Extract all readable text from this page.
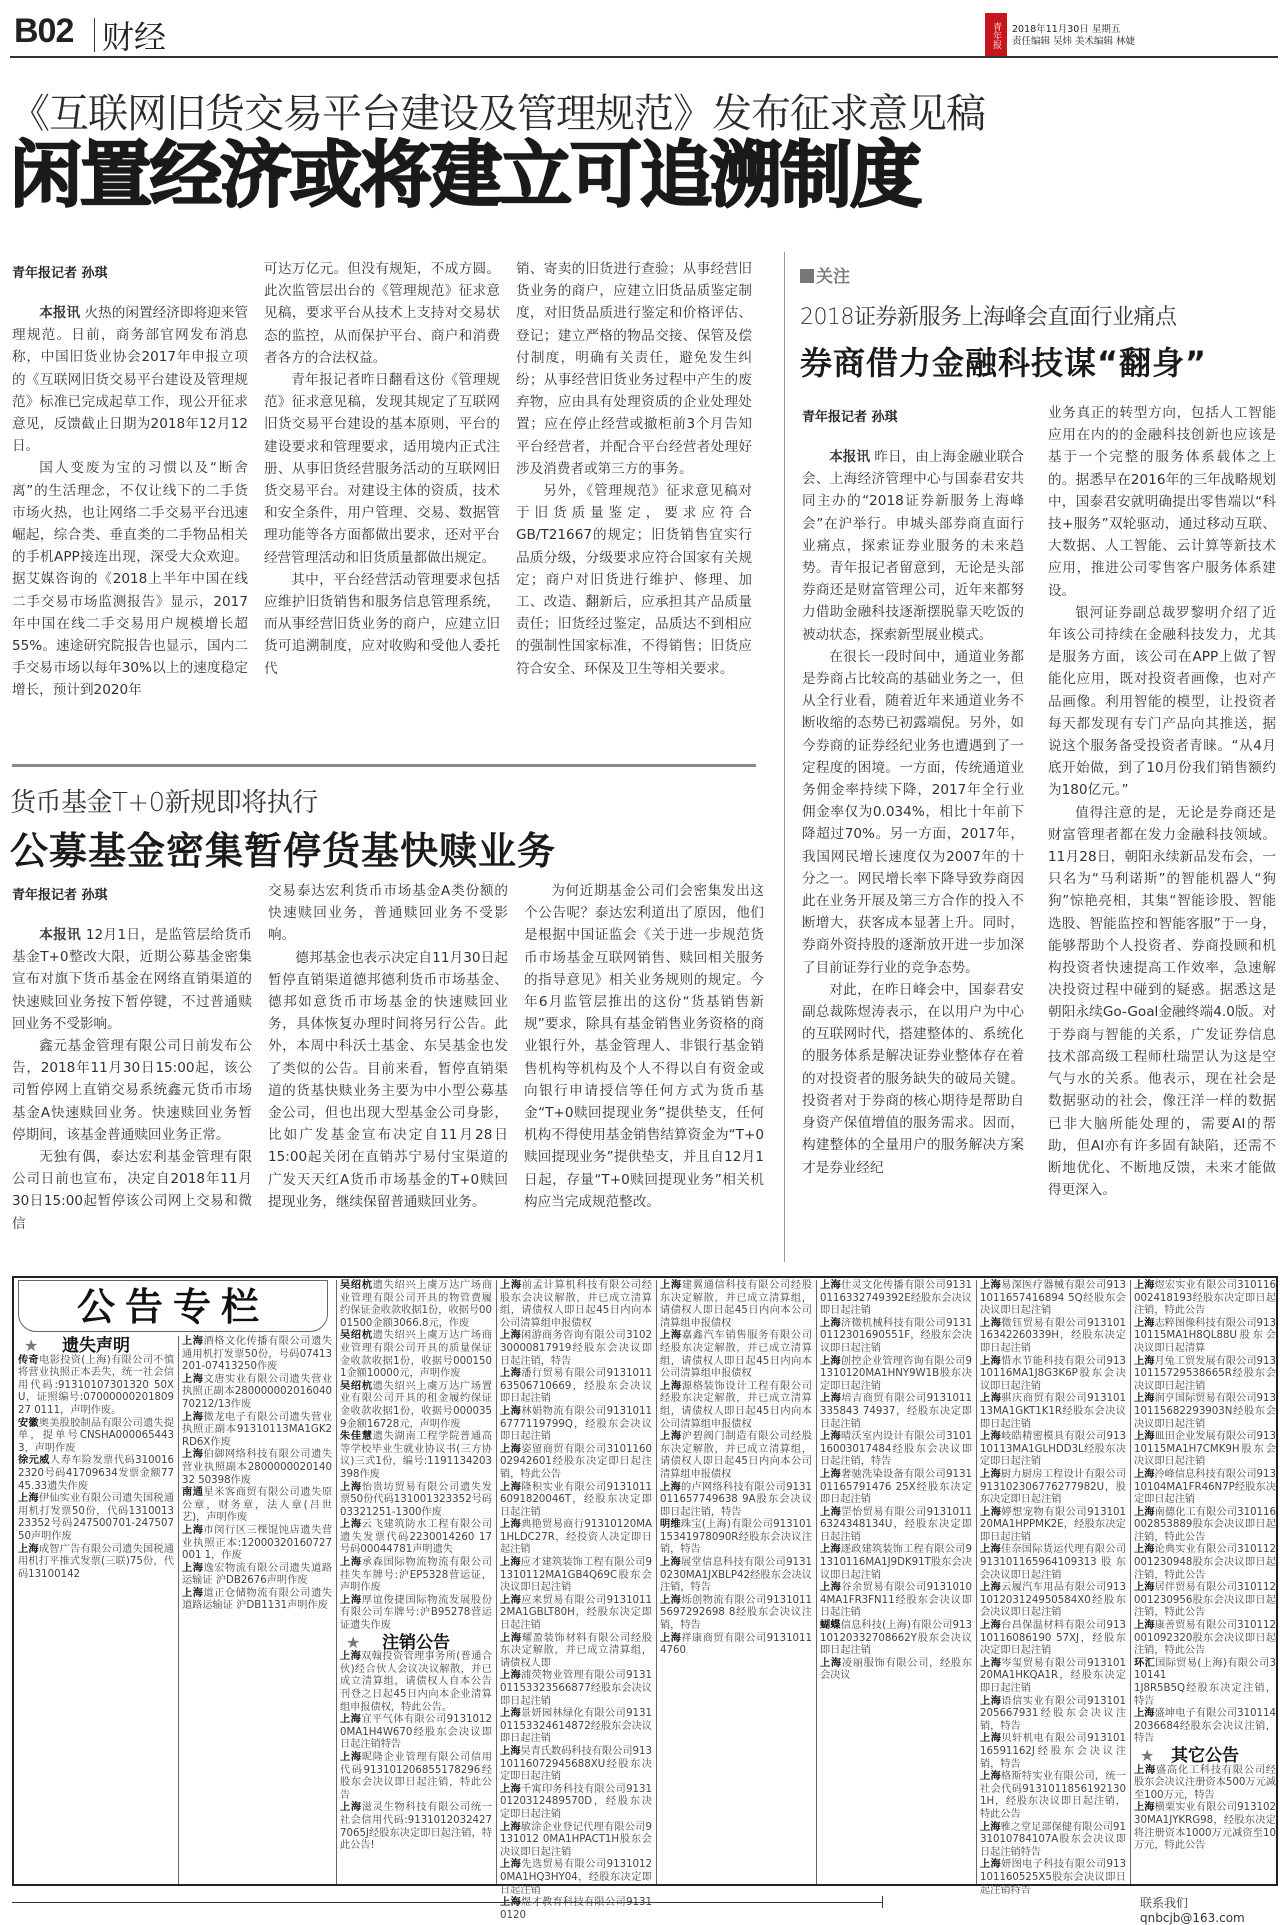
B02 财经	青年报	2018年11月30日 星期五
责任编辑 吴炜 美术编辑 林婕
《互联网旧货交易平台建设及管理规范》发布征求意见稿
闲置经济或将建立可追溯制度
青年报记者 孙琪

本报讯 火热的闲置经济即将迎来管理规范。日前，商务部官网发布消息称，中国旧货业协会2017年申报立项的《互联网旧货交易平台建设及管理规范》标准已完成起草工作，现公开征求意见，反馈截止日期为2018年12月12日。

国人变废为宝的习惯以及“断舍离”的生活理念，不仅让线下的二手货市场火热，也让网络二手交易平台迅速崛起，综合类、垂直类的二手物品相关的手机APP接连出现，深受大众欢迎。据艾媒咨询的《2018上半年中国在线二手交易市场监测报告》显示，2017年中国在线二手交易用户规模增长超55%。速途研究院报告也显示，国内二手交易市场以每年30%以上的速度稳定增长，预计到2020年

可达万亿元。但没有规矩，不成方圆。此次监管层出台的《管理规范》征求意见稿，要求平台从技术上支持对交易状态的监控，从而保护平台、商户和消费者各方的合法权益。

青年报记者昨日翻看这份《管理规范》征求意见稿，发现其规定了互联网旧货交易平台建设的基本原则，平台的建设要求和管理要求，适用境内正式注册、从事旧货经营服务活动的互联网旧货交易平台。对建设主体的资质，技术和安全条件，用户管理、交易、数据管理功能等各方面都做出要求，还对平台经营管理活动和旧货质量都做出规定。

其中，平台经营活动管理要求包括应维护旧货销售和服务信息管理系统，而从事经营旧货业务的商户，应建立旧货可追溯制度，应对收购和受他人委托代

销、寄卖的旧货进行查验；从事经营旧货业务的商户，应建立旧货品质鉴定制度，对旧货品质进行鉴定和价格评估、登记；建立严格的物品交接、保管及偿付制度，明确有关责任，避免发生纠纷；从事经营旧货业务过程中产生的废弃物，应由具有处理资质的企业处理处置；应在停止经营或撤柜前3个月告知平台经营者，并配合平台经营者处理好涉及消费者或第三方的事务。

另外，《管理规范》征求意见稿对于旧货质量鉴定，要求应符合GB/T21667的规定；旧货销售宜实行品质分级，分级要求应符合国家有关规定；商户对旧货进行维护、修理、加工、改造、翻新后，应承担其产品质量责任；旧货经过鉴定，品质达不到相应的强制性国家标准，不得销售；旧货应符合安全、环保及卫生等相关要求。

货币基金T+0新规即将执行
公募基金密集暂停货基快赎业务
青年报记者 孙琪

本报讯 12月1日，是监管层给货币基金T+0整改大限，近期公募基金密集宣布对旗下货币基金在网络直销渠道的快速赎回业务按下暂停键，不过普通赎回业务不受影响。

鑫元基金管理有限公司日前发布公告，2018年11月30日15:00起，该公司暂停网上直销交易系统鑫元货币市场基金A快速赎回业务。快速赎回业务暂停期间，该基金普通赎回业务正常。

无独有偶，泰达宏利基金管理有限公司日前也宣布，决定自2018年11月30日15:00起暂停该公司网上交易和微信

交易泰达宏利货币市场基金A类份额的快速赎回业务，普通赎回业务不受影响。

德邦基金也表示决定自11月30日起暂停直销渠道德邦德利货币市场基金、德邦如意货币市场基金的快速赎回业务，具体恢复办理时间将另行公告。此外，本周中科沃土基金、东吴基金也发了类似的公告。目前来看，暂停直销渠道的货基快赎业务主要为中小型公募基金公司，但也出现大型基金公司身影，比如广发基金宣布决定自11月28日15:00起关闭在直销苏宁易付宝渠道的广发天天红A货币市场基金的T+0赎回提现业务，继续保留普通赎回业务。

为何近期基金公司们会密集发出这个公告呢？泰达宏利道出了原因，他们是根据中国证监会《关于进一步规范货币市场基金互联网销售、赎回相关服务的指导意见》相关业务规则的规定。今年6月监管层推出的这份“货基销售新规”要求，除具有基金销售业务资格的商业银行外，基金管理人、非银行基金销售机构等机构及个人不得以自有资金或向银行申请授信等任何方式为货币基金“T+0赎回提现业务”提供垫支，任何机构不得使用基金销售结算资金为“T+0赎回提现业务”提供垫支，并且自12月1日起，存量“T+0赎回提现业务”相关机构应当完成规范整改。

关注
2018证券新服务上海峰会直面行业痛点
券商借力金融科技谋“翻身”
青年报记者 孙琪

本报讯 昨日，由上海金融业联合会、上海经济管理中心与国泰君安共同主办的“2018证券新服务上海峰会”在沪举行。申城头部券商直面行业痛点，探索证券业服务的未来趋势。青年报记者留意到，无论是头部券商还是财富管理公司，近年来都努力借助金融科技逐渐摆脱靠天吃饭的被动状态，探索新型展业模式。

在很长一段时间中，通道业务都是券商占比较高的基础业务之一，但从全行业看，随着近年来通道业务不断收缩的态势已初露端倪。另外，如今券商的证券经纪业务也遭遇到了一定程度的困境。一方面，传统通道业务佣金率持续下降，2017年全行业佣金率仅为0.034%，相比十年前下降超过70%。另一方面，2017年，我国网民增长速度仅为2007年的十分之一。网民增长率下降导致券商因此在业务开展及第三方合作的投入不断增大，获客成本显著上升。同时，券商外资持股的逐渐放开进一步加深了目前证券行业的竞争态势。

对此，在昨日峰会中，国泰君安副总裁陈煜涛表示，在以用户为中心的互联网时代，搭建整体的、系统化的服务体系是解决证券业整体存在着的对投资者的服务缺失的破局关键。投资者对于券商的核心期待是帮助自身资产保值增值的服务需求。因而，构建整体的全量用户的服务解决方案才是券业经纪

业务真正的转型方向，包括人工智能应用在内的的金融科技创新也应该是基于一个完整的服务体系载体之上的。据悉早在2016年的三年战略规划中，国泰君安就明确提出零售端以“科技+服务”双轮驱动，通过移动互联、大数据、人工智能、云计算等新技术应用，推进公司零售客户服务体系建设。

银河证券副总裁罗黎明介绍了近年该公司持续在金融科技发力，尤其是服务方面，该公司在APP上做了智能化应用，既对投资者画像，也对产品画像。利用智能的模型，让投资者每天都发现有专门产品向其推送，据说这个服务备受投资者青睐。“从4月底开始做，到了10月份我们销售额约为180亿元。”

值得注意的是，无论是券商还是财富管理者都在发力金融科技领域。11月28日，朝阳永续新品发布会，一只名为“马利诺斯”的智能机器人“狗狗”惊艳亮相，其集“智能诊股、智能选股、智能监控和智能客服”于一身，能够帮助个人投资者、券商投顾和机构投资者快速提高工作效率，急速解决投资过程中碰到的疑惑。据悉这是朝阳永续Go-Goal金融终端4.0版。对于券商与智能的关系，广发证券信息技术部高级工程师杜瑞罡认为这是空气与水的关系。他表示，现在社会是数据驱动的社会，像汪洋一样的数据已非大脑所能处理的，需要AI的帮助，但AI亦有许多固有缺陷，还需不断地优化、不断地反馈，未来才能做得更深入。

公告专栏
★ 遗失声明
传奇电影投资(上海)有限公司不慎将营业执照正本丢失，统一社会信用代码:91310107301320 50XU，证照编号:0700000020180927 0111，声明作废。
安徽奥美股胶制品有限公司遗失提单，提单号CNSHA0000654433，声明作废
徐元威人寿车险发票代码3100162320号码41709634发票金额7745.33遗失作废
上海伊仙实业有限公司遗失国税通用机打发票50份，代码131001323352号码247500701-24750750声明作废
上海成智广告有限公司遗失国税通用机打平推式发票(三联)75份，代码13100142
上海酒格文化传播有限公司遗失通用机打发票50份，号码07413201-07413250作废
上海文唐实业有限公司遗失营业执照正副本280000002016040 70212/13作废
上海微龙电子有限公司遗失营业执照正副本91310113MA1GK2RD6X作废
上海伯御网络科技有限公司遗失营业执照副本280000002014032 50398作废
南通星米客商贸有限公司遗失原公章，财务章，法人章(吕世艺)，声明作废
上海市闵行区三棵馄饨店遗失营业执照正本:12000320160727001 1，作废
上海逸宏物流有限公司遗失道路运输证 沪DB2676声明作废
上海道正仓储物流有限公司遗失道路运输证 沪DB1131声明作废
吴绍杭遗失绍兴上虞万达广场商业管理有限公司开具的物管费履约保证金收款收据1份，收据号0001500金额3066.8元，作废
吴绍杭遗失绍兴上虞万达广场商业管理有限公司开具的质量保证金收款收据1份，收据号0001501金额10000元，声明作废
吴绍杭遗失绍兴上虞万达广场置业有限公司开具的租金履约保证金收款收据1份，收据号0000359金额16728元，声明作废
朱佳慧遗失湖南工程学院普通高等学校毕业生就业协议书(三方协议)三式1份，编号:1191134203398作废
上海怡贵坊贸易有限公司遗失发票50份代码131001323352号码03321251-1300作废
上海云飞建筑防水工程有限公司遗失发票代码2230014260 17号码00044781声明遗失
上海承森国际物流物流有限公司挂失车牌号:沪EP5328营运证，声明作废
上海厚谊俊捷国际物流发展股份有限公司车牌号:沪B95278营运证遗失作废
★ 注销公告
上海双翰投资管理事务所(普通合伙)经合伙人会议决议解散，并已成立清算组，请债权人自本公告刊登之日起45日内向本企业清算组申报债权，特此公告。
上海宜平气体有限公司91310120MA1H4W670经股东会决议即日起注销特告
上海昵隆企业管理有限公司信用代码913101206855178296经股东会决议即日起注销，特此公告
上海滋灵生物科技有限公司统一社会信用代码:91310120324277065J经股东决定即日起注销，特此公告!
上海前孟计算机科技有限公司经股东会决议解散，并已成立清算组，请债权人即日起45日内向本公司清算组申报债权
上海闲游商务咨询有限公司310230000817919经股东会决议即日起注销，特告
上海潘行贸易有限公司913101163506710669，经股东会决议即日起注销
上海林娟物流有限公司91310116777119799Q，经股东会决议即日起注销
上海姿留商贸有限公司310116002942601经股东决定即日起注销，特此公告
上海隆积实业有限公司91310116091820046T，经股东决定即日起注销
上海典艳贸易商行91310120MA1HLDC27R，经投资人决定即日起注销
上海应才建筑装饰工程有限公司91310112MA1GB4Q69C股东会决议即日起注销
上海应来贸易有限公司91310112MA1GBLT80H，经股东决定即日起注销
上海耀盈装饰材料有限公司经股东决定解散，并已成立清算组，请债权人即
上海浦荧物业管理有限公司913101153323566877经股东会决议即日起注销
上海景妍园林绿化有限公司913101153324614872经股东会决议即日起注销
上海昊青氏数码科技有限公司91310116072945688XU经股东决定即日起注销
上海千寓印务科技有限公司91310120312489570D，经股东决定即日起注销
上海敏涂企业登记代理有限公司9131012 0MA1HPACT1H股东会决议即日起注销
上海先选贸易有限公司91310120MA1HQ3HY04，经股东决定即日起注销
0120
上海建翼通信科技有限公司经股东决定解散，并已成立清算组，请债权人即日起45日内向本公司清算组申报债权
上海嘉鑫汽车销售服务有限公司经股东决定解散，并已成立清算组，请债权人即日起45日内向本公司清算组申报债权
上海源格装饰设计工程有限公司经股东决定解散，并已成立清算组，请债权人即日起45日内向本公司清算组申报债权
上海沪碧阀门制造有限公司经股东决定解散，并已成立清算组，请债权人即日起45日内向本公司清算组申报债权
上海的卢网络科技有限公司9131011657749638 9A股东会决议即日起注销，特告
明维珠宝(上海)有限公司91310115341978090R经股东会决议注销，特告
上海展堂信息科技有限公司91310230MA1JXBLP42经股东会决议注销，特告
上海烁创物流有限公司91310115697292698 8经股东会决议注销，特告
上海祥康商贸有限公司91310114760
上海仕灵文化传播有限公司91310116332749392E经股东会决议即日起注销
上海济微机械科技有限公司91310112301690551F，经股东会决议即日起注销
上海创控企业管理咨询有限公司91310120MA1HNY9W1B股东决定即日起注销
上海培吉商贸有限公司9131011335843 74937，经股东决定即日起注销
上海晴沃室内设计有限公司310116003017484经股东会决议即日起注销，特告
上海奢驰洗染设备有限公司913101165791476 25X经股东决定即日起注销
上海罡怡贸易有限公司91310116324348134U，经股东决定即日起注销
上海逐政建筑装饰工程有限公司91310116MA1J9DK91T股东会决议即日起注销
上海谷余贸易有限公司91310104MA1FR3FN11经股东会决议即日起注销
蝴蝶信息科技(上海)有限公司91310120332708662Y股东会决议即日起注销
上海凌丽服饰有限公司，经股东会决议
上海易深医疗器械有限公司9131011657416894 5Q经股东会决议即日起注销
上海微钰贸易有限公司91310116342260339H，经股东决定即日起注销
上海惜水节能科技有限公司91310116MA1J8G3K6P股东会决议即日起注销
上海骐庆商贸有限公司91310113MA1GKT1K1R经股东会决议即日起注销
上海岐皓精密模具有限公司91310113MA1GLHDD3L经股东决定即日起注销
上海厨力厨房工程设计有限公司913102306776277982U，股东决定即日起注销
上海婷想宠物有限公司91310120MA1HPPMK2E，经股东决定即日起注销
上海佳奈国际货运代理有限公司913101165964109313股东会决议即日起注销
上海云履汽车用品有限公司913101203124950584X0经股东会决议即日起注销
上海台昌保温材料有限公司91310116086190 57XJ，经股东决定即日起注销
上海岑玺贸易有限公司91310120MA1HKQA1R，经股东决定即日起注销
上海语信实业有限公司913101205667931经股东会决议注销，特告
上海贝轩机电有限公司91310116591162J经股东会决议注销，特告
上海格斯特实业有限公司，统一社会代码91310118561921301H，经股东决议即日起注销，特此公告
上海雅之堂足部保健有限公司9131010784107A股东会决议即日起注销特告
上海妍图电子科技有限公司913101160525X5股东会决议即日起注销特告
上海煜宏实业有限公司310116002418193经股东决定即日起注销，特此公告
上海志粹图像科技有限公司91310115MA1H8QL88U股东会决议即日起清算
上海月兔工贸发展有限公司91310115729538665R经股东会决议即日起注销
上海润亨国际贸易有限公司91310115682293903N经股东会决议即日起注销
上海皿田企业发展有限公司91310115MA1H7CMK9H股东会决议即日起注销
上海冷峰信息科技有限公司91310104MA1FR46N7P经股东决定即日起注销
上海南德化工有限公司310116002853889股东会决议即日起注销，特此公告
上海论典实业有限公司310112001230948股东会决议即日起注销，特此公告
上海居伴贸易有限公司310112001230956股东会决议即日起注销，特此公告
上海康善贸易有限公司310112001092320股东会决议即日起注销，特此公告
环汇国际贸易(上海)有限公司310141
1J8R5B5Q经股东决定注销，特告
上海盛坤电子有限公司3101142036684经股东会决议注销，特告
★ 其它公告
上海盛高化工科技有限公司经股东会决议注册资本500万元减至100万元，特告
上海横栗实业有限公司91310230MA1JYKRG98，经股东决定将注册资本1000万元减资至10万元，特此公告
联系我们 qnbcjb@163.com
